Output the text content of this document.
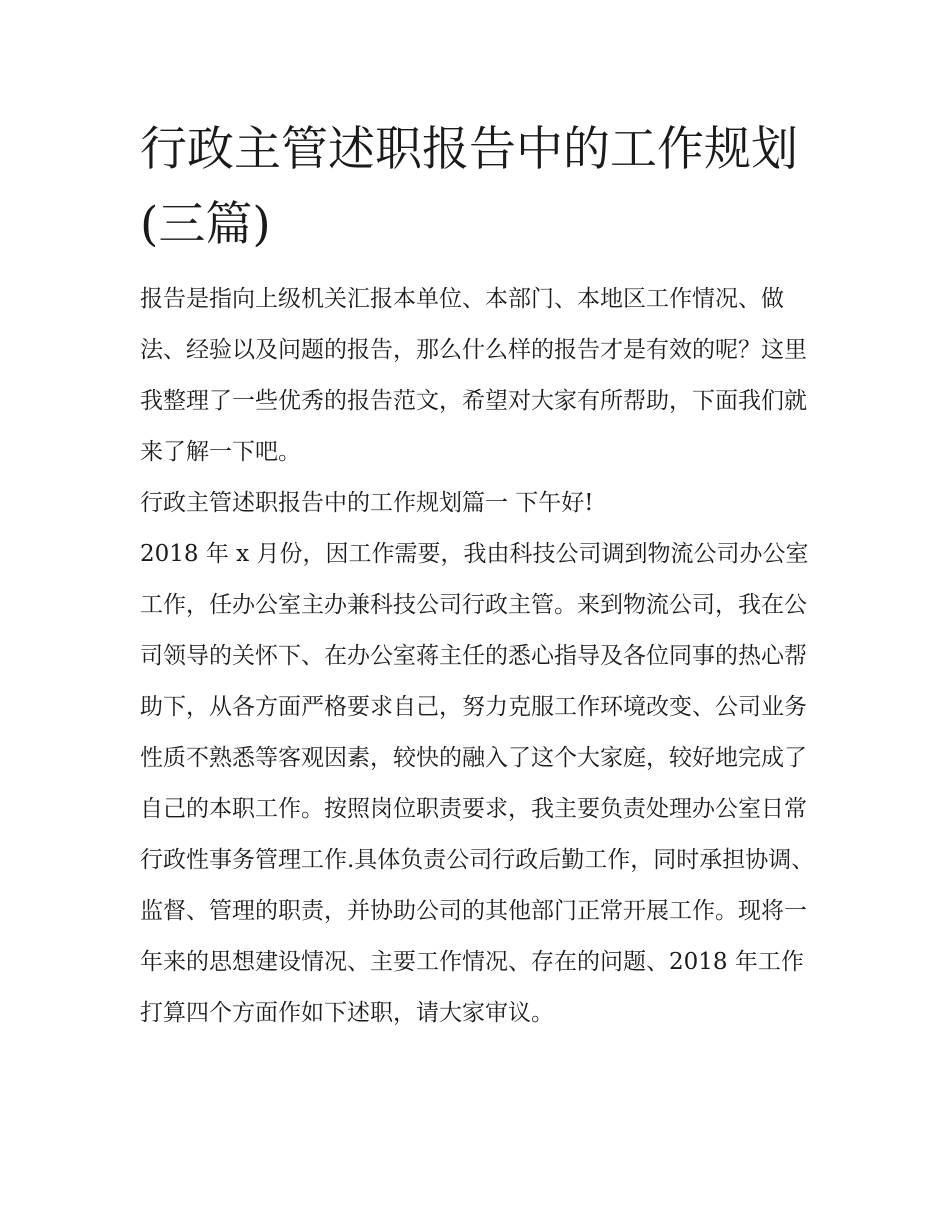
行政主管述职报告中的工作规划(三篇)

报告是指向上级机关汇报本单位、本部门、本地区工作情况、做法、经验以及问题的报告，那么什么样的报告才是有效的呢？这里我整理了一些优秀的报告范文，希望对大家有所帮助，下面我们就来了解一下吧。

行政主管述职报告中的工作规划篇一 下午好!

2018 年 x 月份，因工作需要，我由科技公司调到物流公司办公室工作，任办公室主办兼科技公司行政主管。来到物流公司，我在公司领导的关怀下、在办公室蒋主任的悉心指导及各位同事的热心帮助下，从各方面严格要求自己，努力克服工作环境改变、公司业务性质不熟悉等客观因素，较快的融入了这个大家庭，较好地完成了自己的本职工作。按照岗位职责要求，我主要负责处理办公室日常行政性事务管理工作.具体负责公司行政后勤工作，同时承担协调、监督、管理的职责，并协助公司的其他部门正常开展工作。现将一年来的思想建设情况、主要工作情况、存在的问题、2018 年工作打算四个方面作如下述职，请大家审议。
